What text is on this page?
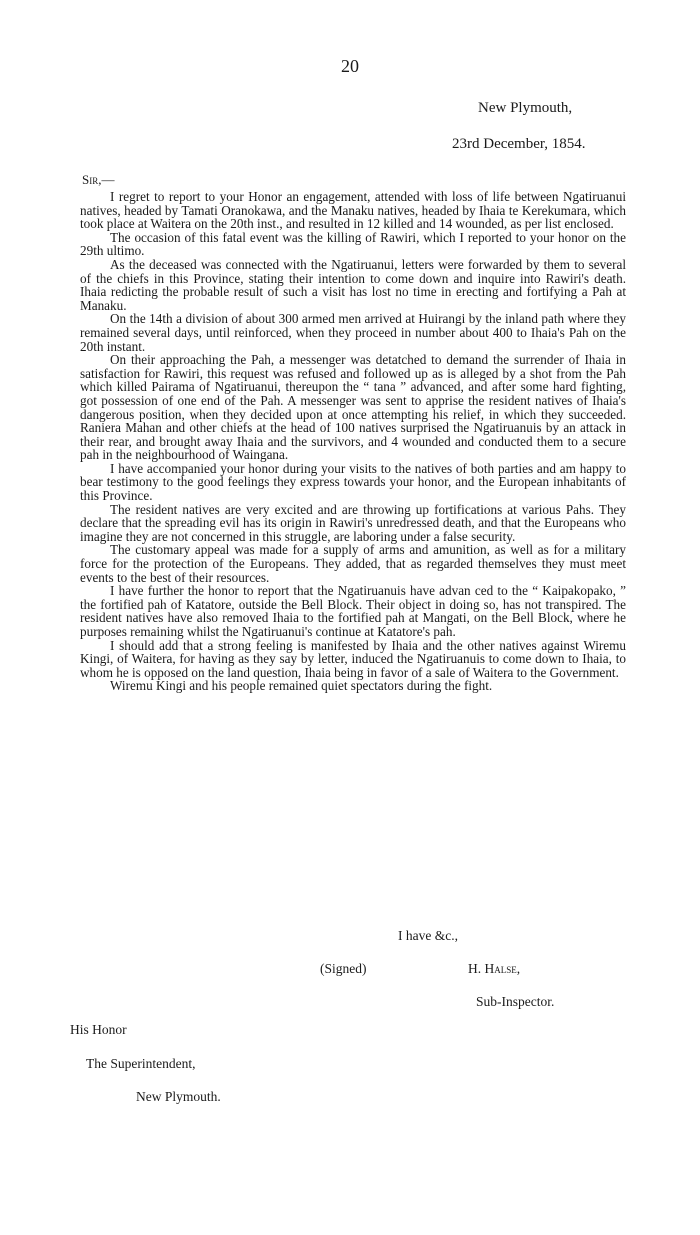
20
New Plymouth,
23rd December, 1854.
Sir,—

I regret to report to your Honor an engagement, attended with loss of life between Ngatiruanui natives, headed by Tamati Oranokawa, and the Manaku natives, headed by Ihaia te Kerekumara, which took place at Waitera on the 20th inst., and resulted in 12 killed and 14 wounded, as per list enclosed.

The occasion of this fatal event was the killing of Rawiri, which I reported to your honor on the 29th ultimo.

As the deceased was connected with the Ngatiruanui, letters were forwarded by them to several of the chiefs in this Province, stating their intention to come down and inquire into Rawiri's death. Ihaia redicting the probable result of such a visit has lost no time in erecting and fortifying a Pah at Manaku.

On the 14th a division of about 300 armed men arrived at Huirangi by the inland path where they remained several days, until reinforced, when they proceed in number about 400 to Ihaia's Pah on the 20th instant.

On their approaching the Pah, a messenger was detatched to demand the surrender of Ihaia in satisfaction for Rawiri, this request was refused and followed up as is alleged by a shot from the Pah which killed Pairama of Ngatiruanui, thereupon the “ tana ” advanced, and after some hard fighting, got possession of one end of the Pah. A messenger was sent to apprise the resident natives of Ihaia's dangerous position, when they decided upon at once attempting his relief, in which they succeeded. Raniera Mahan and other chiefs at the head of 100 natives surprised the Ngatiruanuis by an attack in their rear, and brought away Ihaia and the survivors, and 4 wounded and conducted them to a secure pah in the neighbourhood of Waingana.

I have accompanied your honor during your visits to the natives of both parties and am happy to bear testimony to the good feelings they express towards your honor, and the European inhabitants of this Province.

The resident natives are very excited and are throwing up fortifications at various Pahs. They declare that the spreading evil has its origin in Rawiri's unredressed death, and that the Europeans who imagine they are not concerned in this struggle, are laboring under a false security.

The customary appeal was made for a supply of arms and amunition, as well as for a military force for the protection of the Europeans. They added, that as regarded themselves they must meet events to the best of their resources.

I have further the honor to report that the Ngatiruanuis have advan ced to the “ Kaipakopako, ” the fortified pah of Katatore, outside the Bell Block. Their object in doing so, has not transpired. The resident natives have also removed Ihaia to the fortified pah at Mangati, on the Bell Block, where he purposes remaining whilst the Ngatiruanui's continue at Katatore's pah.

I should add that a strong feeling is manifested by Ihaia and the other natives against Wiremu Kingi, of Waitera, for having as they say by letter, induced the Ngatiruanuis to come down to Ihaia, to whom he is opposed on the land question, Ihaia being in favor of a sale of Waitera to the Government.

Wiremu Kingi and his people remained quiet spectators during the fight.

I have &c.,
(Signed)	H. Halse,
Sub-Inspector.
His Honor
The Superintendent,
New Plymouth.
